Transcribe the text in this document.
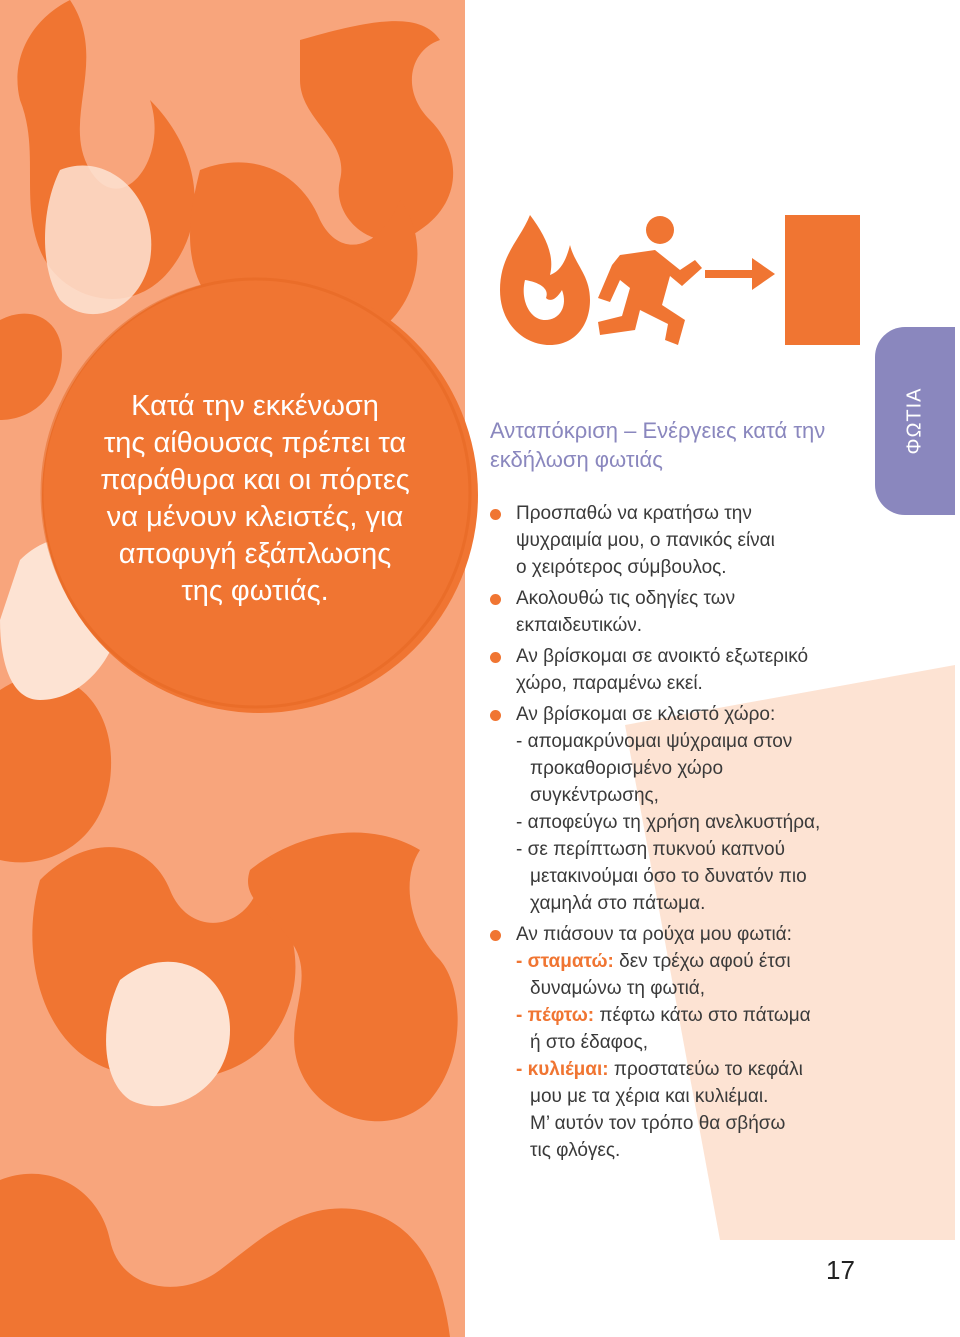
Κατά την εκκένωση
της αίθουσας πρέπει τα
παράθυρα και οι πόρτες
να μένουν κλειστές, για
αποφυγή εξάπλωσης
της φωτιάς.

ΦΩΤΙΑ
Ανταπόκριση – Ενέργειες κατά την
εκδήλωση φωτιάς
Προσπαθώ να κρατήσω την
ψυχραιμία μου, ο πανικός είναι
ο χειρότερος σύμβουλος.
Ακολουθώ τις οδηγίες των
εκπαιδευτικών.
Αν βρίσκομαι σε ανοικτό εξωτερικό
χώρο, παραμένω εκεί.
Αν βρίσκομαι σε κλειστό χώρο:
- απομακρύνομαι ψύχραιμα στον
προκαθορισμένο χώρο
συγκέντρωσης,
- αποφεύγω τη χρήση ανελκυστήρα,
- σε περίπτωση πυκνού καπνού
μετακινούμαι όσο το δυνατόν πιο
χαμηλά στο πάτωμα.
Αν πιάσουν τα ρούχα μου φωτιά:
- σταματώ: δεν τρέχω αφού έτσι
δυναμώνω τη φωτιά,
- πέφτω: πέφτω κάτω στο πάτωμα
ή στο έδαφος,
- κυλιέμαι: προστατεύω το κεφάλι
μου με τα χέρια και κυλιέμαι.
Μ’ αυτόν τον τρόπο θα σβήσω
τις φλόγες.
17
